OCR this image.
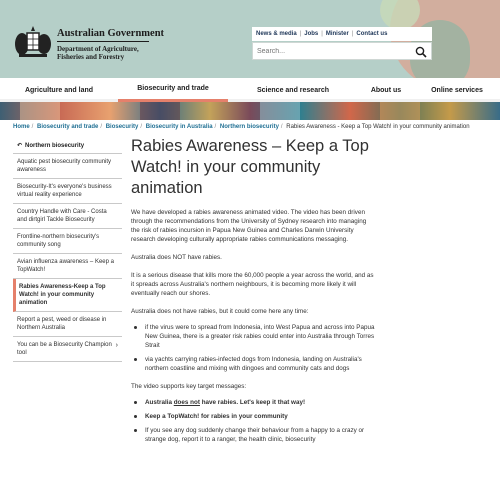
Australian Government
Department of Agriculture,
Fisheries and Forestry
News & media | Jobs | Minister | Contact us
Search...
Agriculture and land	Biosecurity and trade	Science and research	About us	Online services
Home / Biosecurity and trade / Biosecurity / Biosecurity in Australia / Northern biosecurity / Rabies Awareness - Keep a Top Watch! in your community animation
↶ Northern biosecurity
Aquatic pest biosecurity community awareness
Biosecurity-It's everyone's business virtual reality experience
Country Handle with Care - Costa and dirtgirl Tackle Biosecurity
Frontline-northern biosecurity's community song
Avian influenza awareness – Keep a TopWatch!
Rabies Awareness-Keep a Top Watch! in your community animation
Report a pest, weed or disease in Northern Australia
You can be a Biosecurity Champion tool
›
Rabies Awareness – Keep a Top Watch! in your community animation

We have developed a rabies awareness animated video. The video has been driven through the recommendations from the University of Sydney research into managing the risk of rabies incursion in Papua New Guinea and Charles Darwin University research developing culturally appropriate rabies communications messaging.

Australia does NOT have rabies.

It is a serious disease that kills more the 60,000 people a year across the world, and as it spreads across Australia's northern neighbours, it is becoming more likely it will eventually reach our shores.

Australia does not have rabies, but it could come here any time:

if the virus were to spread from Indonesia, into West Papua and across into Papua New Guinea, there is a greater risk rabies could enter into Australia through Torres Strait
via yachts carrying rabies-infected dogs from Indonesia, landing on Australia's northern coastline and mixing with dingoes and community cats and dogs

The video supports key target messages:

Australia does not have rabies. Let's keep it that way!
Keep a TopWatch! for rabies in your community
If you see any dog suddenly change their behaviour from a happy to a crazy or strange dog, report it to a ranger, the health clinic, biosecurity
